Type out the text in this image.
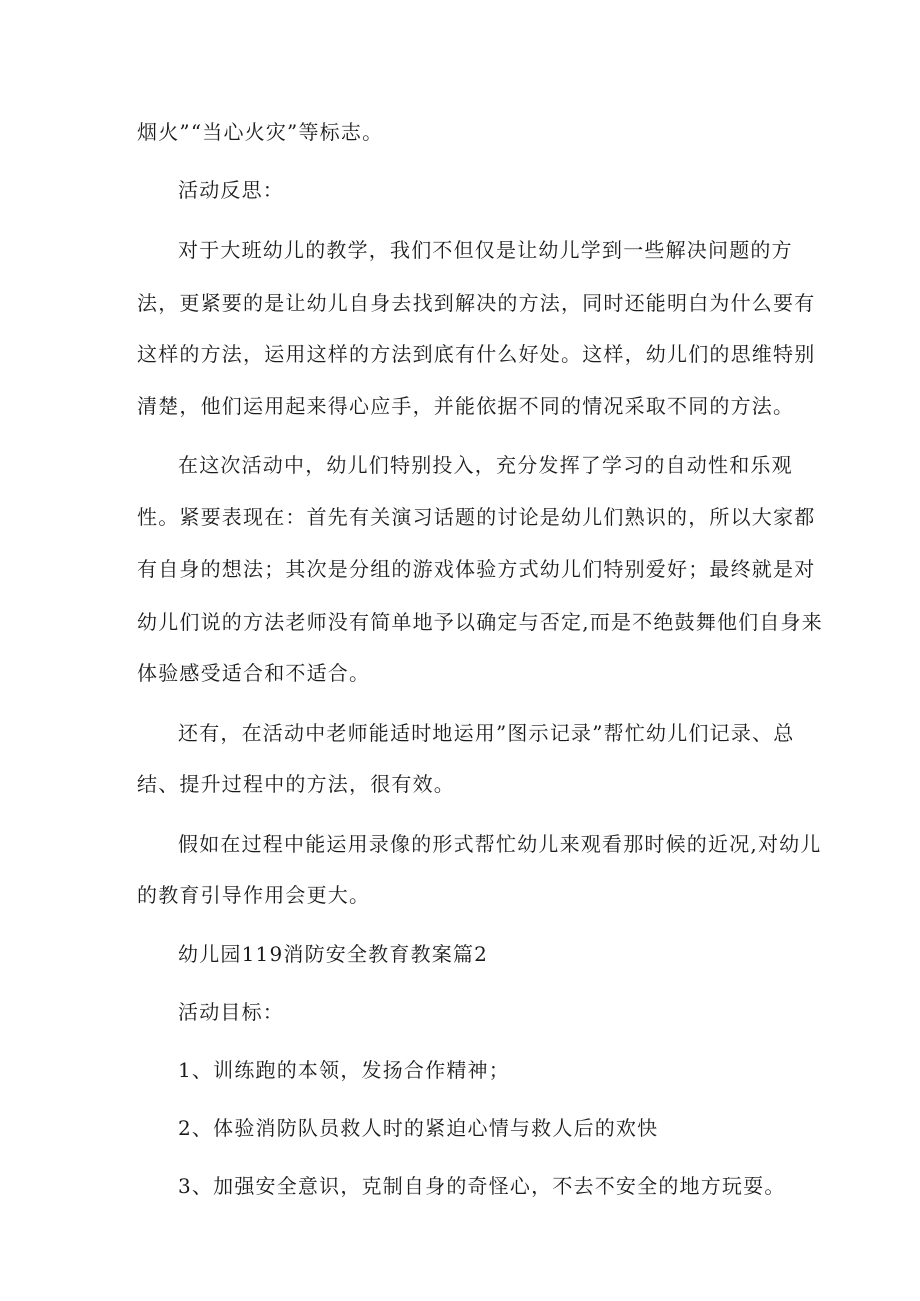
烟火”“当心火灾”等标志。
活动反思：
对于大班幼儿的教学，我们不但仅是让幼儿学到一些解决问题的方
法，更紧要的是让幼儿自身去找到解决的方法，同时还能明白为什么要有
这样的方法，运用这样的方法到底有什么好处。这样，幼儿们的思维特别
清楚，他们运用起来得心应手，并能依据不同的情况采取不同的方法。
在这次活动中，幼儿们特别投入，充分发挥了学习的自动性和乐观
性。紧要表现在：首先有关演习话题的讨论是幼儿们熟识的，所以大家都
有自身的想法；其次是分组的游戏体验方式幼儿们特别爱好；最终就是对
幼儿们说的方法老师没有简单地予以确定与否定,而是不绝鼓舞他们自身来
体验感受适合和不适合。
还有，在活动中老师能适时地运用”图示记录”帮忙幼儿们记录、总
结、提升过程中的方法，很有效。
假如在过程中能运用录像的形式帮忙幼儿来观看那时候的近况,对幼儿
的教育引导作用会更大。
幼儿园119消防安全教育教案篇2
活动目标：
1、训练跑的本领，发扬合作精神；
2、体验消防队员救人时的紧迫心情与救人后的欢快
3、加强安全意识，克制自身的奇怪心，不去不安全的地方玩耍。
